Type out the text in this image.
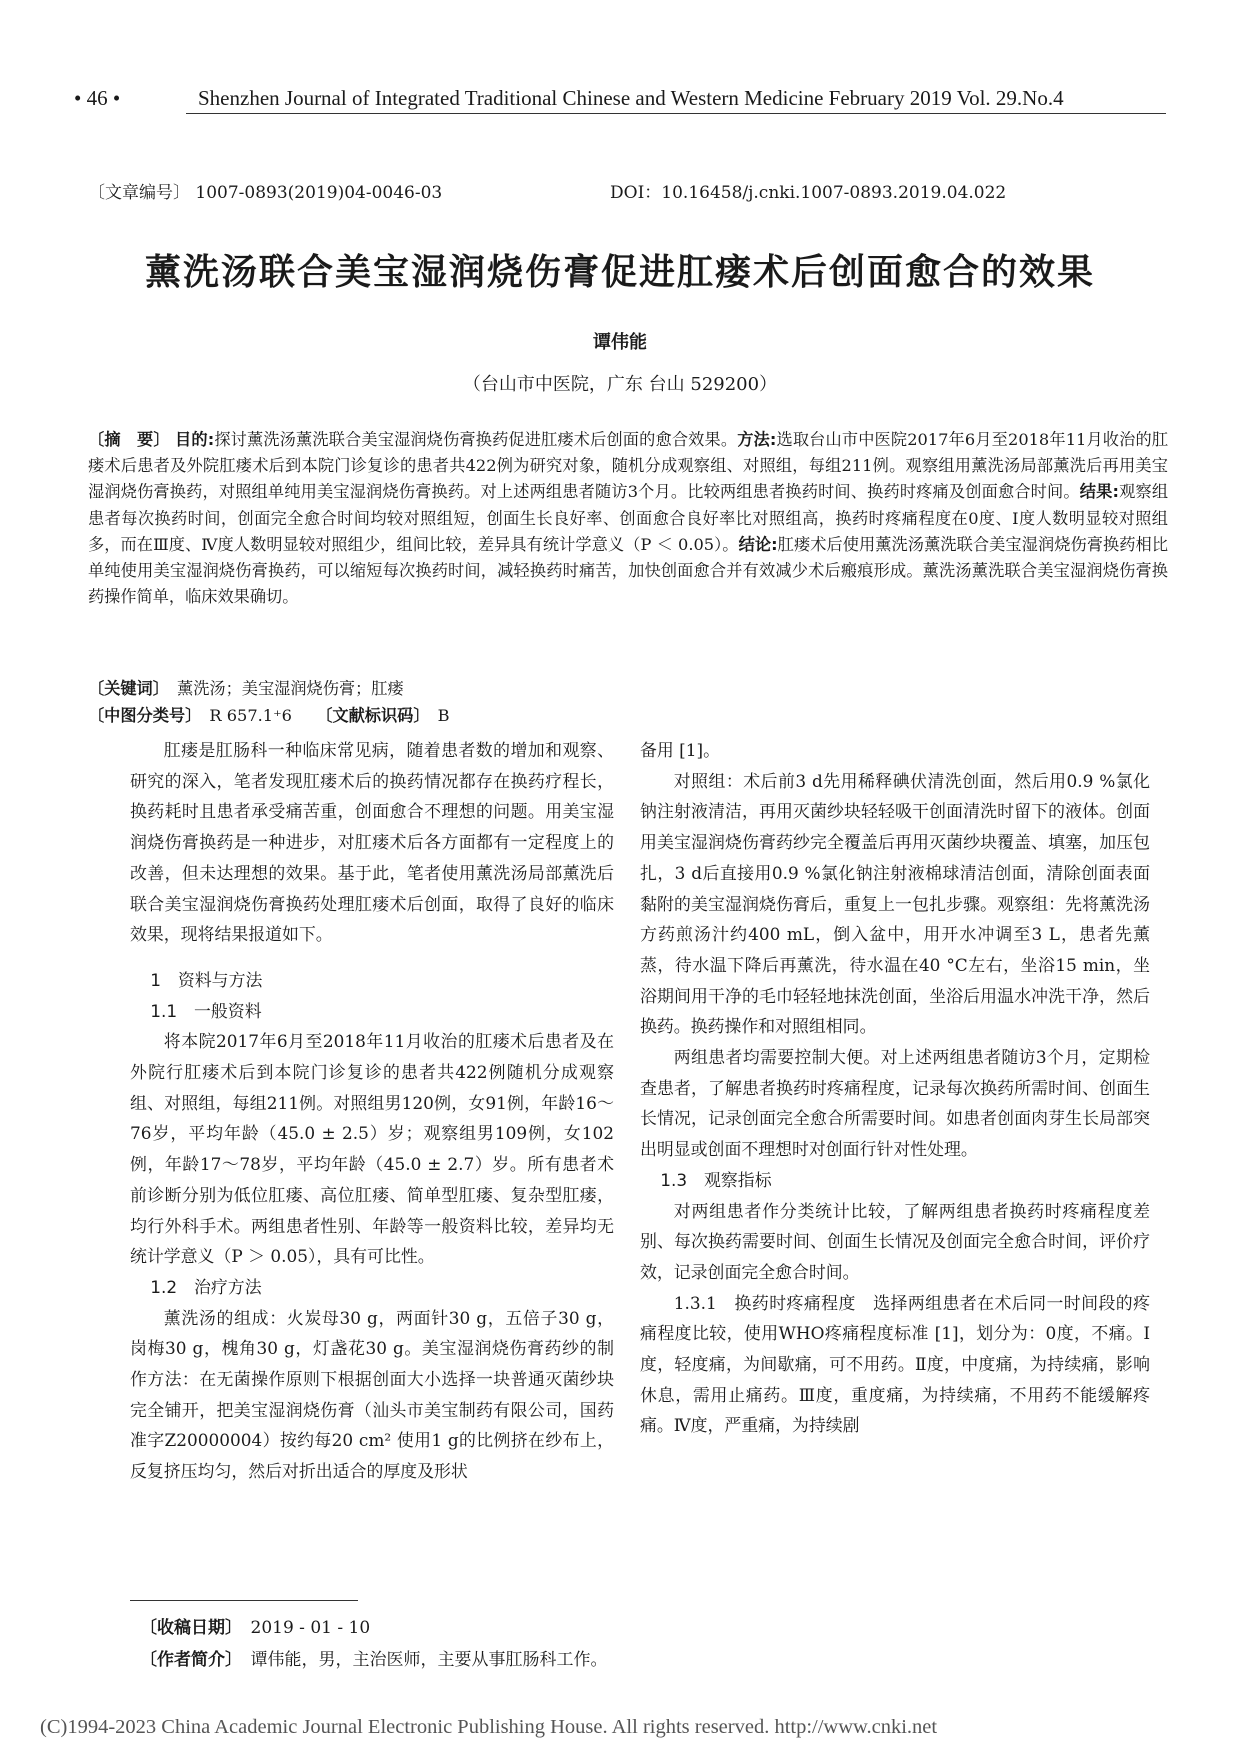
• 46 •	Shenzhen Journal of Integrated Traditional Chinese and Western Medicine February 2019 Vol. 29.No.4
〔文章编号〕 1007-0893(2019)04-0046-03	DOI：10.16458/j.cnki.1007-0893.2019.04.022
薰洗汤联合美宝湿润烧伤膏促进肛瘘术后创面愈合的效果
谭伟能
（台山市中医院，广东 台山 529200）
〔摘　要〕 目的:探讨薰洗汤薰洗联合美宝湿润烧伤膏换药促进肛瘘术后创面的愈合效果。方法:选取台山市中医院2017年6月至2018年11月收治的肛瘘术后患者及外院肛瘘术后到本院门诊复诊的患者共422例为研究对象，随机分成观察组、对照组，每组211例。观察组用薰洗汤局部薰洗后再用美宝湿润烧伤膏换药，对照组单纯用美宝湿润烧伤膏换药。对上述两组患者随访3个月。比较两组患者换药时间、换药时疼痛及创面愈合时间。结果:观察组患者每次换药时间，创面完全愈合时间均较对照组短，创面生长良好率、创面愈合良好率比对照组高，换药时疼痛程度在0度、Ⅰ度人数明显较对照组多，而在Ⅲ度、Ⅳ度人数明显较对照组少，组间比较，差异具有统计学意义（P ＜ 0.05）。结论:肛瘘术后使用薰洗汤薰洗联合美宝湿润烧伤膏换药相比单纯使用美宝湿润烧伤膏换药，可以缩短每次换药时间，减轻换药时痛苦，加快创面愈合并有效减少术后瘢痕形成。薰洗汤薰洗联合美宝湿润烧伤膏换药操作简单，临床效果确切。
〔关键词〕　薰洗汤；美宝湿润烧伤膏；肛瘘
〔中图分类号〕　R 657.1⁺6　　〔文献标识码〕　B

肛瘘是肛肠科一种临床常见病，随着患者数的增加和观察、研究的深入，笔者发现肛瘘术后的换药情况都存在换药疗程长，换药耗时且患者承受痛苦重，创面愈合不理想的问题。用美宝湿润烧伤膏换药是一种进步，对肛瘘术后各方面都有一定程度上的改善，但未达理想的效果。基于此，笔者使用薰洗汤局部薰洗后联合美宝湿润烧伤膏换药处理肛瘘术后创面，取得了良好的临床效果，现将结果报道如下。

1　资料与方法

1.1　一般资料

将本院2017年6月至2018年11月收治的肛瘘术后患者及在外院行肛瘘术后到本院门诊复诊的患者共422例随机分成观察组、对照组，每组211例。对照组男120例，女91例，年龄16～76岁，平均年龄（45.0 ± 2.5）岁；观察组男109例，女102例，年龄17～78岁，平均年龄（45.0 ± 2.7）岁。所有患者术前诊断分别为低位肛瘘、高位肛瘘、简单型肛瘘、复杂型肛瘘，均行外科手术。两组患者性别、年龄等一般资料比较，差异均无统计学意义（P ＞ 0.05），具有可比性。

1.2　治疗方法

薰洗汤的组成：火炭母30 g，两面针30 g，五倍子30 g，岗梅30 g，槐角30 g，灯盏花30 g。美宝湿润烧伤膏药纱的制作方法：在无菌操作原则下根据创面大小选择一块普通灭菌纱块完全铺开，把美宝湿润烧伤膏（汕头市美宝制药有限公司，国药准字Z20000004）按约每20 cm² 使用1 g的比例挤在纱布上，反复挤压均匀，然后对折出适合的厚度及形状

备用 [1]。

对照组：术后前3 d先用稀释碘伏清洗创面，然后用0.9 %氯化钠注射液清洁，再用灭菌纱块轻轻吸干创面清洗时留下的液体。创面用美宝湿润烧伤膏药纱完全覆盖后再用灭菌纱块覆盖、填塞，加压包扎，3 d后直接用0.9 %氯化钠注射液棉球清洁创面，清除创面表面黏附的美宝湿润烧伤膏后，重复上一包扎步骤。观察组：先将薰洗汤方药煎汤汁约400 mL，倒入盆中，用开水冲调至3 L，患者先薰蒸，待水温下降后再薰洗，待水温在40 °C左右，坐浴15 min，坐浴期间用干净的毛巾轻轻地抹洗创面，坐浴后用温水冲洗干净，然后换药。换药操作和对照组相同。

两组患者均需要控制大便。对上述两组患者随访3个月，定期检查患者，了解患者换药时疼痛程度，记录每次换药所需时间、创面生长情况，记录创面完全愈合所需要时间。如患者创面肉芽生长局部突出明显或创面不理想时对创面行针对性处理。

1.3　观察指标

对两组患者作分类统计比较，了解两组患者换药时疼痛程度差别、每次换药需要时间、创面生长情况及创面完全愈合时间，评价疗效，记录创面完全愈合时间。

1.3.1　换药时疼痛程度　选择两组患者在术后同一时间段的疼痛程度比较，使用WHO疼痛程度标准 [1]，划分为：0度，不痛。Ⅰ度，轻度痛，为间歇痛，可不用药。Ⅱ度，中度痛，为持续痛，影响休息，需用止痛药。Ⅲ度，重度痛，为持续痛，不用药不能缓解疼痛。Ⅳ度，严重痛，为持续剧

〔收稿日期〕　2019 - 01 - 10
〔作者简介〕　谭伟能，男，主治医师，主要从事肛肠科工作。
(C)1994-2023 China Academic Journal Electronic Publishing House. All rights reserved. http://www.cnki.net
